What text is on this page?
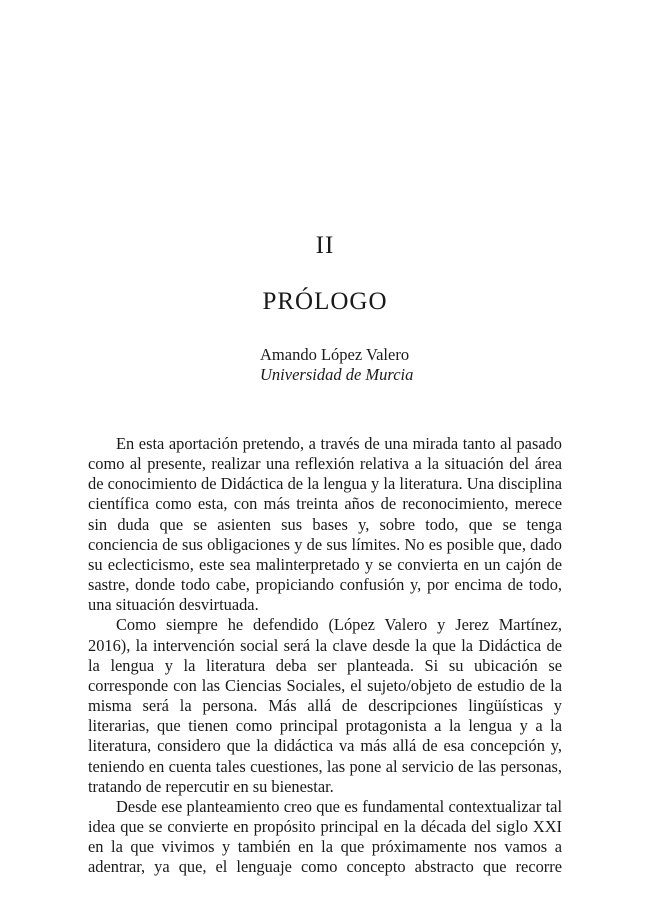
II
PRÓLOGO
Amando López Valero
Universidad de Murcia

En esta aportación pretendo, a través de una mirada tanto al pasado como al presente, realizar una reflexión relativa a la situación del área de conocimiento de Didáctica de la lengua y la literatura. Una disciplina científica como esta, con más treinta años de reconocimiento, merece sin duda que se asienten sus bases y, sobre todo, que se tenga conciencia de sus obligaciones y de sus límites. No es posible que, dado su eclecticismo, este sea malinterpretado y se convierta en un cajón de sastre, donde todo cabe, propiciando confusión y, por encima de todo, una situación desvirtuada.

Como siempre he defendido (López Valero y Jerez Martínez, 2016), la intervención social será la clave desde la que la Didáctica de la lengua y la literatura deba ser planteada. Si su ubicación se corresponde con las Ciencias Sociales, el sujeto/objeto de estudio de la misma será la persona. Más allá de descripciones lingüísticas y literarias, que tienen como principal protagonista a la lengua y a la literatura, considero que la didáctica va más allá de esa concepción y, teniendo en cuenta tales cuestiones, las pone al servicio de las personas, tratando de repercutir en su bienestar.

Desde ese planteamiento creo que es fundamental contextualizar tal idea que se convierte en propósito principal en la década del siglo XXI en la que vivimos y también en la que próximamente nos vamos a adentrar, ya que, el lenguaje como concepto abstracto que recorre
